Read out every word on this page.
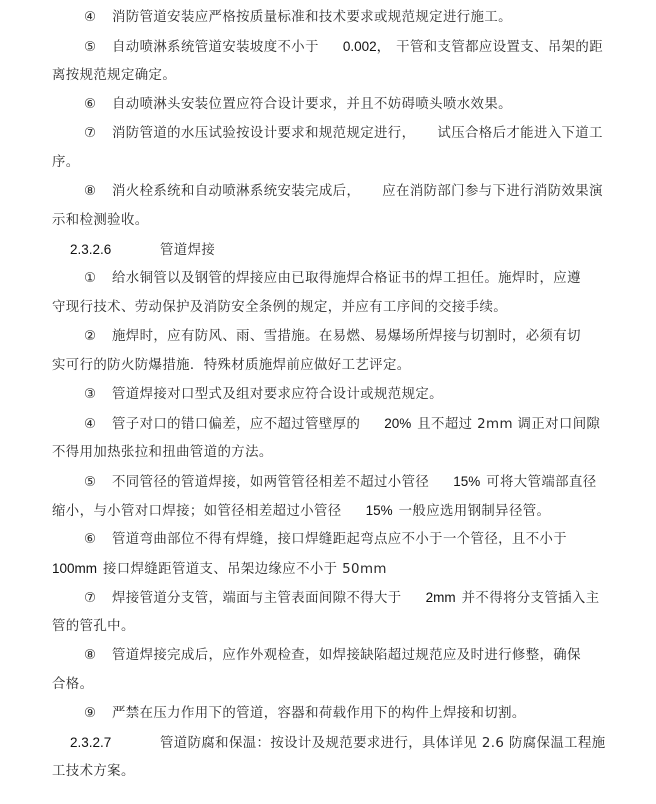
④ 消防管道安装应严格按质量标准和技术要求或规范规定进行施工。
⑤ 自动喷淋系统管道安装坡度不小于 0.002， 干管和支管都应设置支、吊架的距
离按规范规定确定。
⑥ 自动喷淋头安装位置应符合设计要求，并且不妨碍喷头喷水效果。
⑦ 消防管道的水压试验按设计要求和规范规定进行， 试压合格后才能进入下道工
序。
⑧ 消火栓系统和自动喷淋系统安装完成后， 应在消防部门参与下进行消防效果演
示和检测验收。
2.3.2.6	管道焊接
① 给水铜管以及钢管的焊接应由已取得施焊合格证书的焊工担任。施焊时，应遵
守现行技术、劳动保护及消防安全条例的规定，并应有工序间的交接手续。
② 施焊时，应有防风、雨、雪措施。在易燃、易爆场所焊接与切割时，必须有切
实可行的防火防爆措施．特殊材质施焊前应做好工艺评定。
③ 管道焊接对口型式及组对要求应符合设计或规范规定。
④ 管子对口的错口偏差，应不超过管壁厚的 20% 且不超过 2mm 调正对口间隙
不得用加热张拉和扭曲管道的方法。
⑤ 不同管径的管道焊接，如两管管径相差不超过小管径 15% 可将大管端部直径
缩小，与小管对口焊接；如管径相差超过小管径 15% 一般应选用钢制异径管。
⑥ 管道弯曲部位不得有焊缝，接口焊缝距起弯点应不小于一个管径，且不小于
100mm 接口焊缝距管道支、吊架边缘应不小于 50mm
⑦ 焊接管道分支管，端面与主管表面间隙不得大于 2mm 并不得将分支管插入主
管的管孔中。
⑧ 管道焊接完成后，应作外观检查，如焊接缺陷超过规范应及时进行修整，确保
合格。
⑨ 严禁在压力作用下的管道，容器和荷载作用下的构件上焊接和切割。
2.3.2.7	管道防腐和保温：按设计及规范要求进行，具体详见 2.6 防腐保温工程施
工技术方案。
